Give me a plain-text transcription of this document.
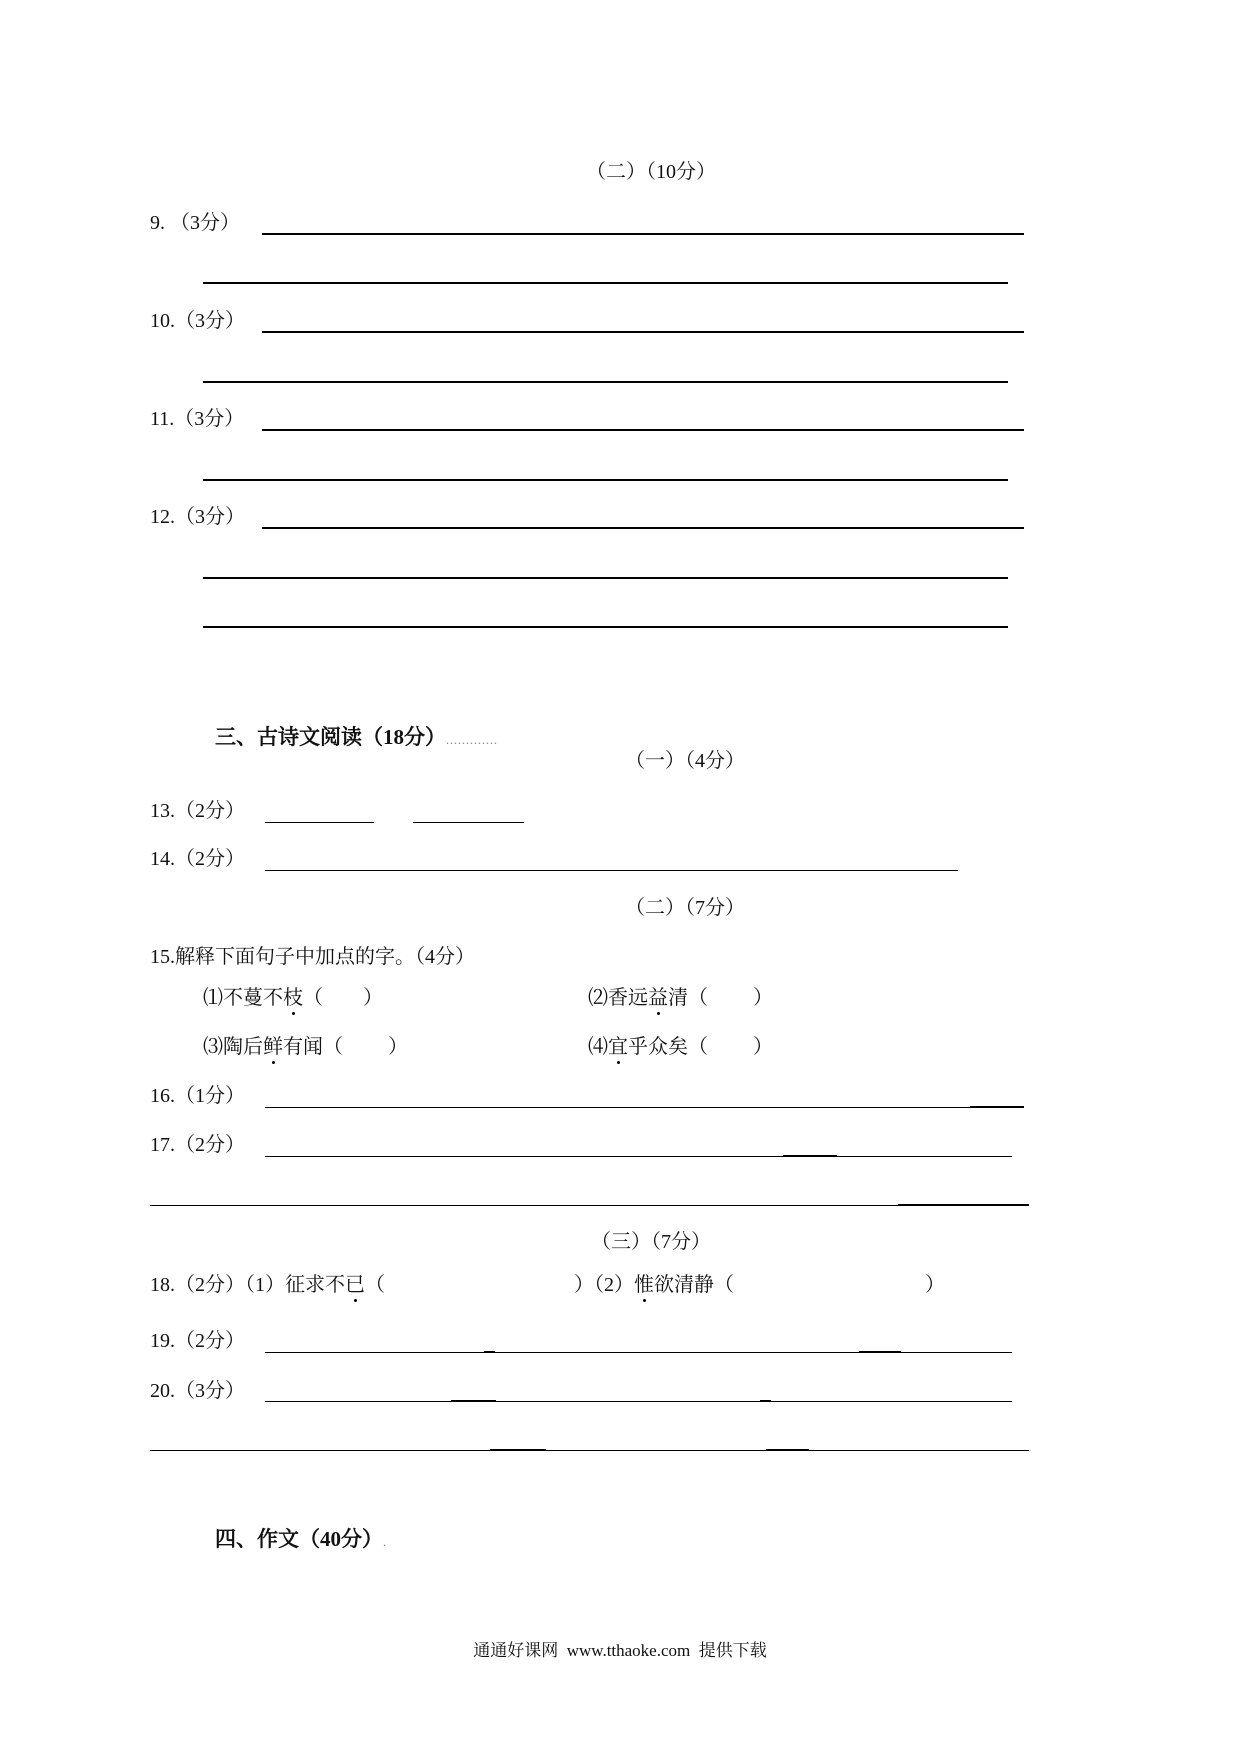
（二）（10分）
9. （3分）
10.（3分）
11.（3分）
12.（3分）

三、古诗文阅读（18分）.............

（一）（4分）
13.（2分）
14.（2分）
（二）（7分）
15.解释下面句子中加点的字。（4分）
⑴不蔓不枝（　　）	⑵香远益清（　　 ）
⑶陶后鲜有闻（　　 ）	⑷宜乎众矣（　　 ）
16.（1分）
17.（2分）
（三）（7分）
18.（2分）（1）征求不已（	）（2）惟欲清静（	）
19.（2分）
20.（3分）

四、作文（40分）.

通通好课网  www.tthaoke.com  提供下载
